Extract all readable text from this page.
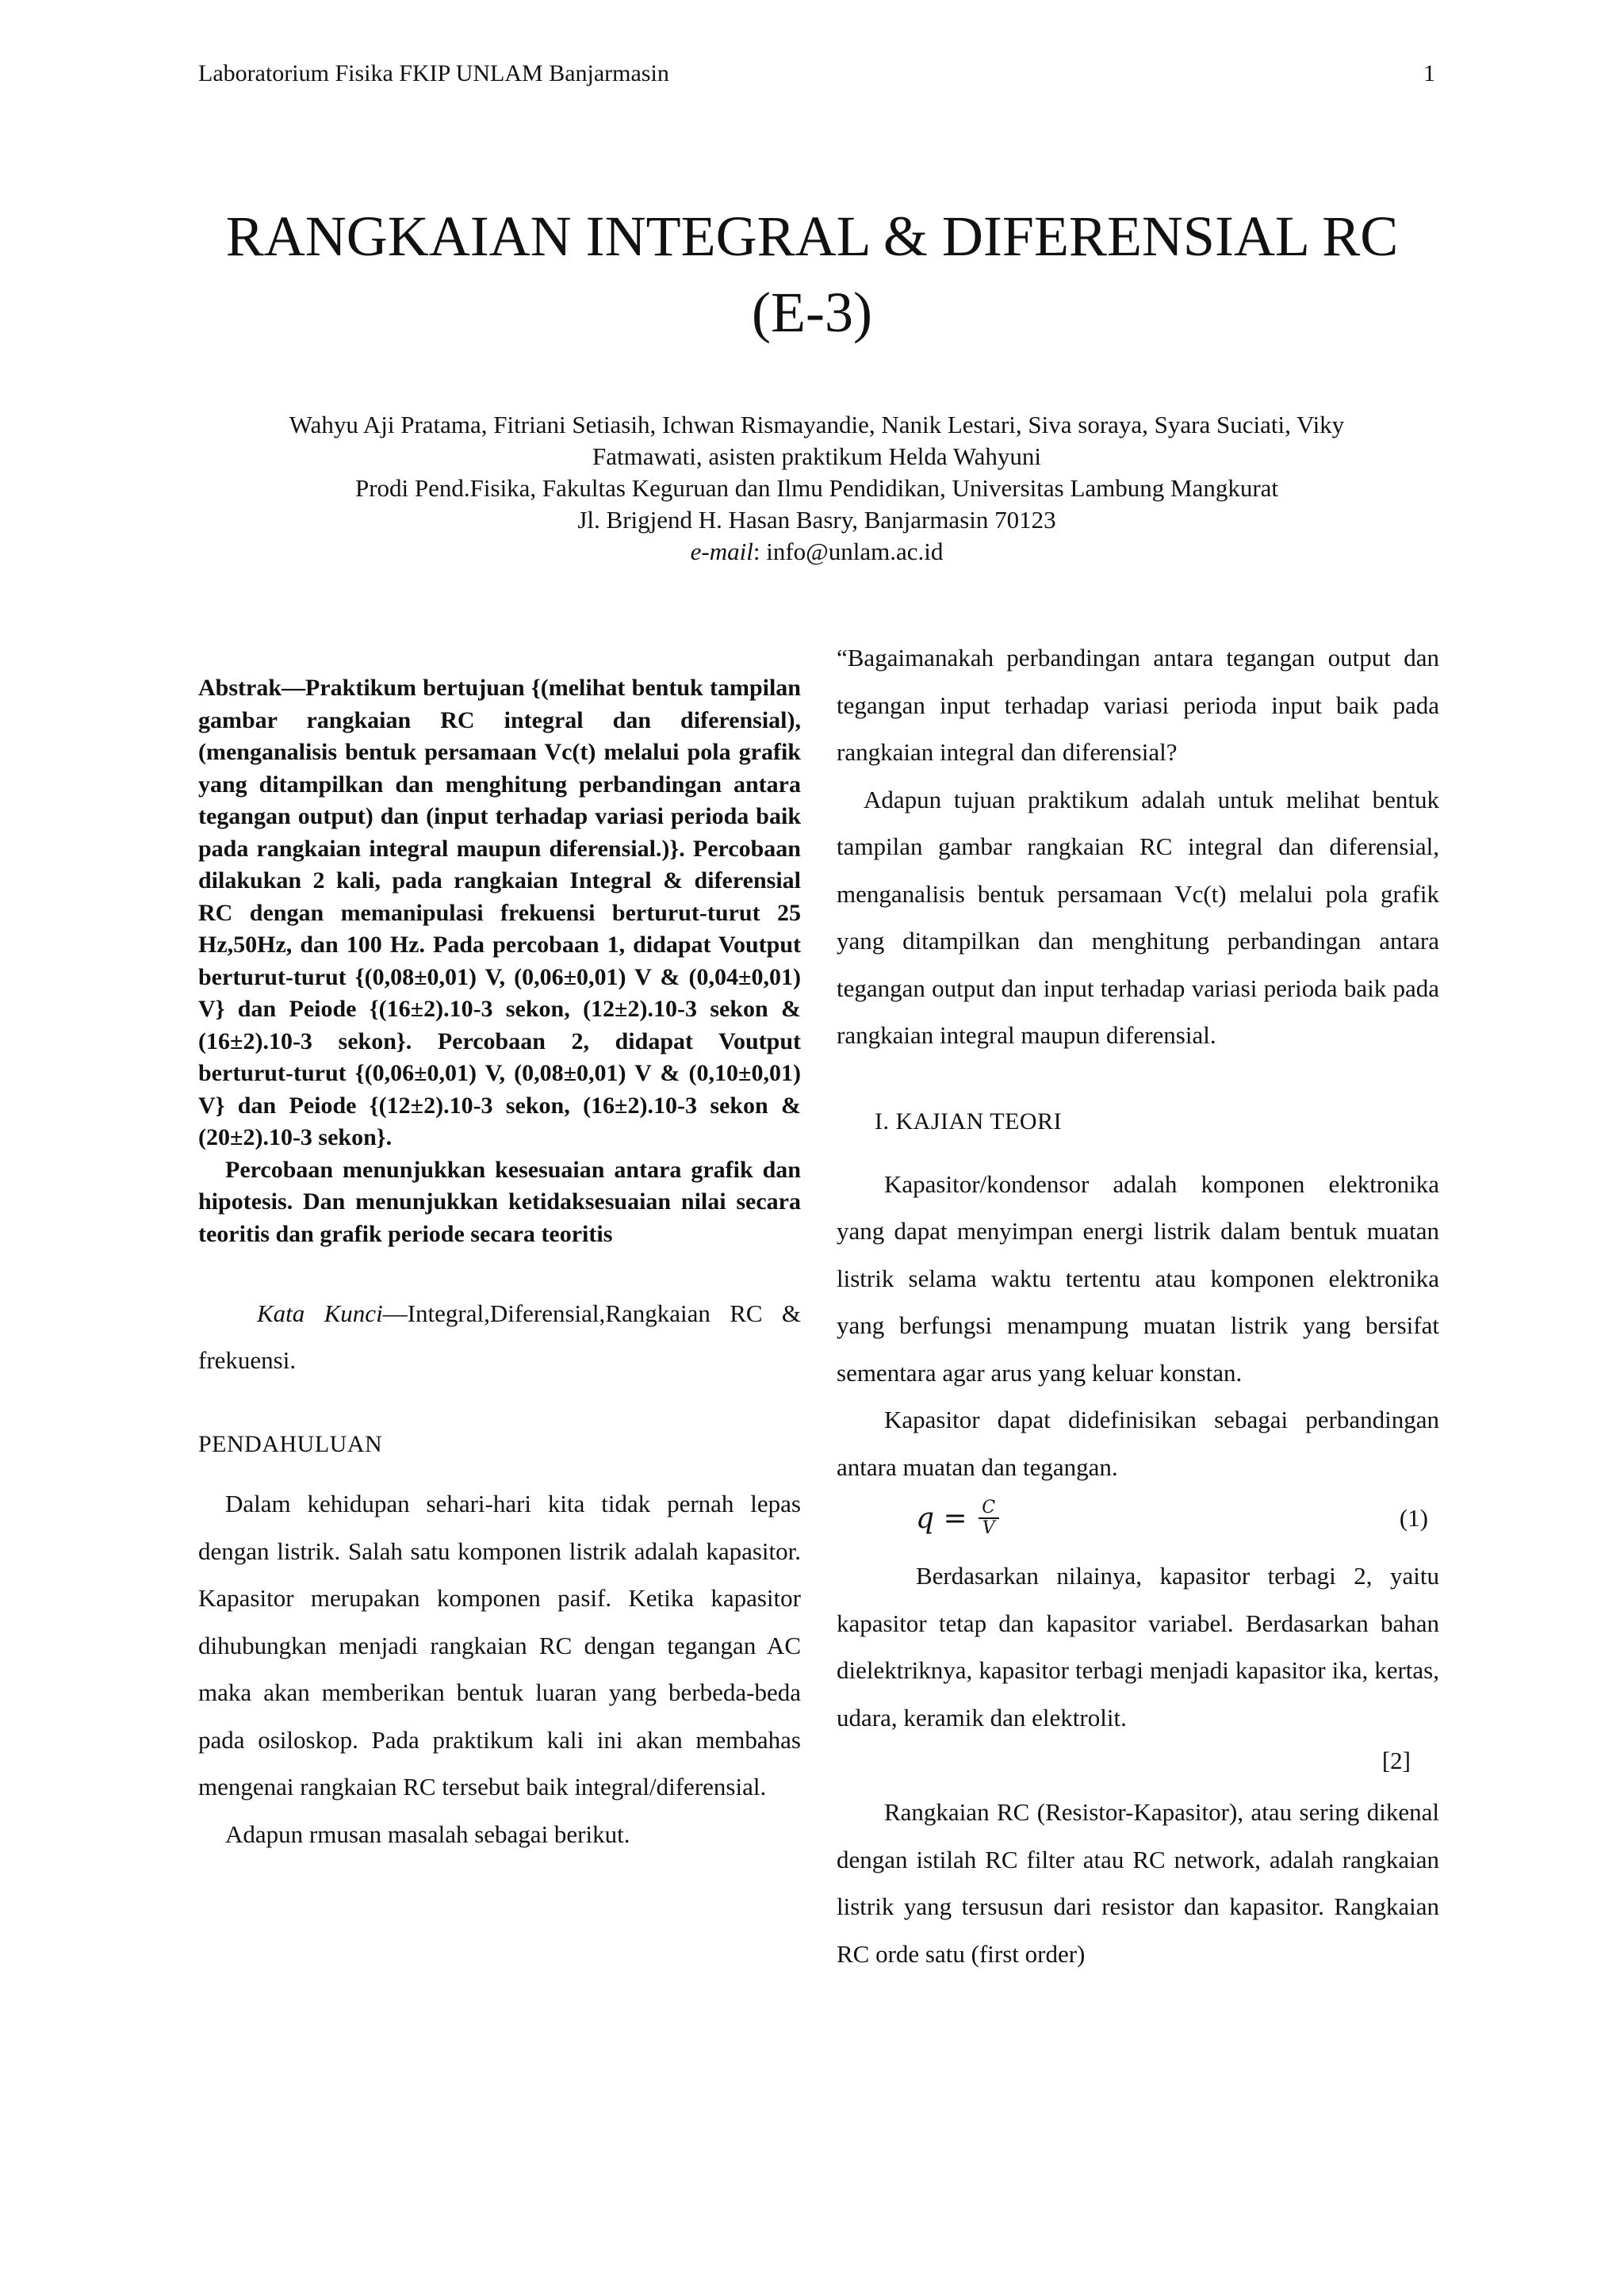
Laboratorium Fisika FKIP UNLAM Banjarmasin	1
RANGKAIAN INTEGRAL & DIFERENSIAL RC
(E-3)
Wahyu Aji Pratama, Fitriani Setiasih, Ichwan Rismayandie, Nanik Lestari, Siva soraya, Syara Suciati, Viky
Fatmawati, asisten praktikum Helda Wahyuni
Prodi Pend.Fisika, Fakultas Keguruan dan Ilmu Pendidikan, Universitas Lambung Mangkurat
Jl. Brigjend H. Hasan Basry, Banjarmasin 70123
e-mail: info@unlam.ac.id

Abstrak—Praktikum bertujuan {(melihat bentuk tampilan gambar rangkaian RC integral dan diferensial), (menganalisis bentuk persamaan Vc(t) melalui pola grafik yang ditampilkan dan menghitung perbandingan antara tegangan output) dan (input terhadap variasi perioda baik pada rangkaian integral maupun diferensial.)}. Percobaan dilakukan 2 kali, pada rangkaian Integral & diferensial RC dengan memanipulasi frekuensi berturut-turut 25 Hz,50Hz, dan 100 Hz. Pada percobaan 1, didapat Voutput berturut-turut {(0,08±0,01) V, (0,06±0,01) V & (0,04±0,01) V} dan Peiode {(16±2).10-3 sekon, (12±2).10-3 sekon & (16±2).10-3 sekon}. Percobaan 2, didapat Voutput berturut-turut {(0,06±0,01) V, (0,08±0,01) V & (0,10±0,01) V} dan Peiode {(12±2).10-3 sekon, (16±2).10-3 sekon & (20±2).10-3 sekon}.

Percobaan menunjukkan kesesuaian antara grafik dan hipotesis. Dan menunjukkan ketidaksesuaian nilai secara teoritis dan grafik periode secara teoritis

Kata Kunci—Integral,Diferensial,Rangkaian RC & frekuensi.

PENDAHULUAN

Dalam kehidupan sehari-hari kita tidak pernah lepas dengan listrik. Salah satu komponen listrik adalah kapasitor. Kapasitor merupakan komponen pasif. Ketika kapasitor dihubungkan menjadi rangkaian RC dengan tegangan AC maka akan memberikan bentuk luaran yang berbeda-beda pada osiloskop. Pada praktikum kali ini akan membahas mengenai rangkaian RC tersebut baik integral/diferensial.

Adapun rmusan masalah sebagai berikut.

“Bagaimanakah perbandingan antara tegangan output dan tegangan input terhadap variasi perioda input baik pada rangkaian integral dan diferensial?

Adapun tujuan praktikum adalah untuk melihat bentuk tampilan gambar rangkaian RC integral dan diferensial, menganalisis bentuk persamaan Vc(t) melalui pola grafik yang ditampilkan dan menghitung perbandingan antara tegangan output dan input terhadap variasi perioda baik pada rangkaian integral maupun diferensial.

I. KAJIAN TEORI

Kapasitor/kondensor adalah komponen elektronika yang dapat menyimpan energi listrik dalam bentuk muatan listrik selama waktu tertentu atau komponen elektronika yang berfungsi menampung muatan listrik yang bersifat sementara agar arus yang keluar konstan.

Kapasitor dapat didefinisikan sebagai perbandingan antara muatan dan tegangan.

$q = \frac{C}{V}$	(1)

Berdasarkan nilainya, kapasitor terbagi 2, yaitu kapasitor tetap dan kapasitor variabel. Berdasarkan bahan dielektriknya, kapasitor terbagi menjadi kapasitor ika, kertas, udara, keramik dan elektrolit.

[2]

Rangkaian RC (Resistor-Kapasitor), atau sering dikenal dengan istilah RC filter atau RC network, adalah rangkaian listrik yang tersusun dari resistor dan kapasitor. Rangkaian RC orde satu (first order)
